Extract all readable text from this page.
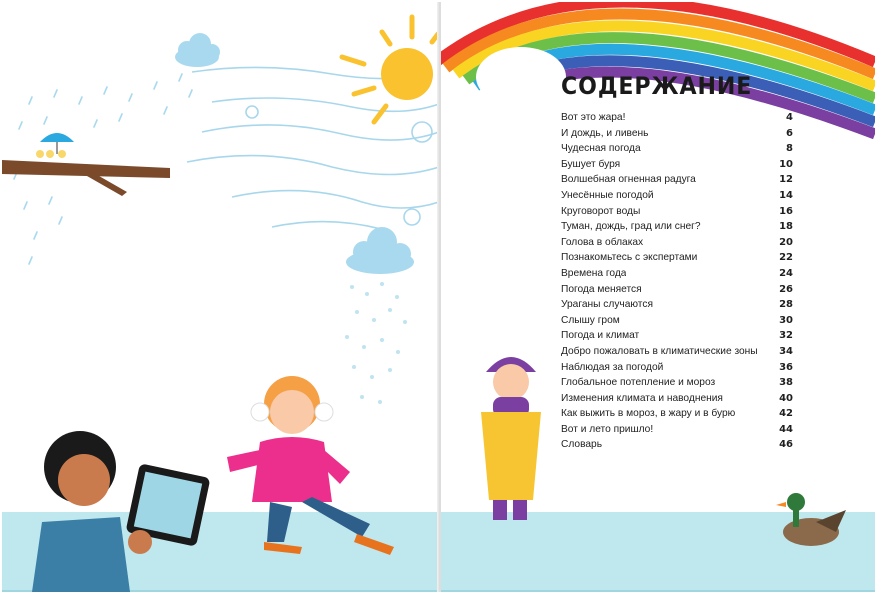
СОДЕРЖАНИЕ
Вот это жара!	4
И дождь, и ливень	6
Чудесная погода	8
Бушует буря	10
Волшебная огненная радуга	12
Унесённые погодой	14
Круговорот воды	16
Туман, дождь, град или снег?	18
Голова в облаках	20
Познакомьтесь с экспертами	22
Времена года	24
Погода меняется	26
Ураганы случаются	28
Слышу гром	30
Погода и климат	32
Добро пожаловать в климатические зоны 34
Наблюдая за погодой	36
Глобальное потепление и мороз	38
Изменения климата и наводнения	40
Как выжить в мороз, в жару и в бурю	42
Вот и лето пришло!	44
Словарь	46
